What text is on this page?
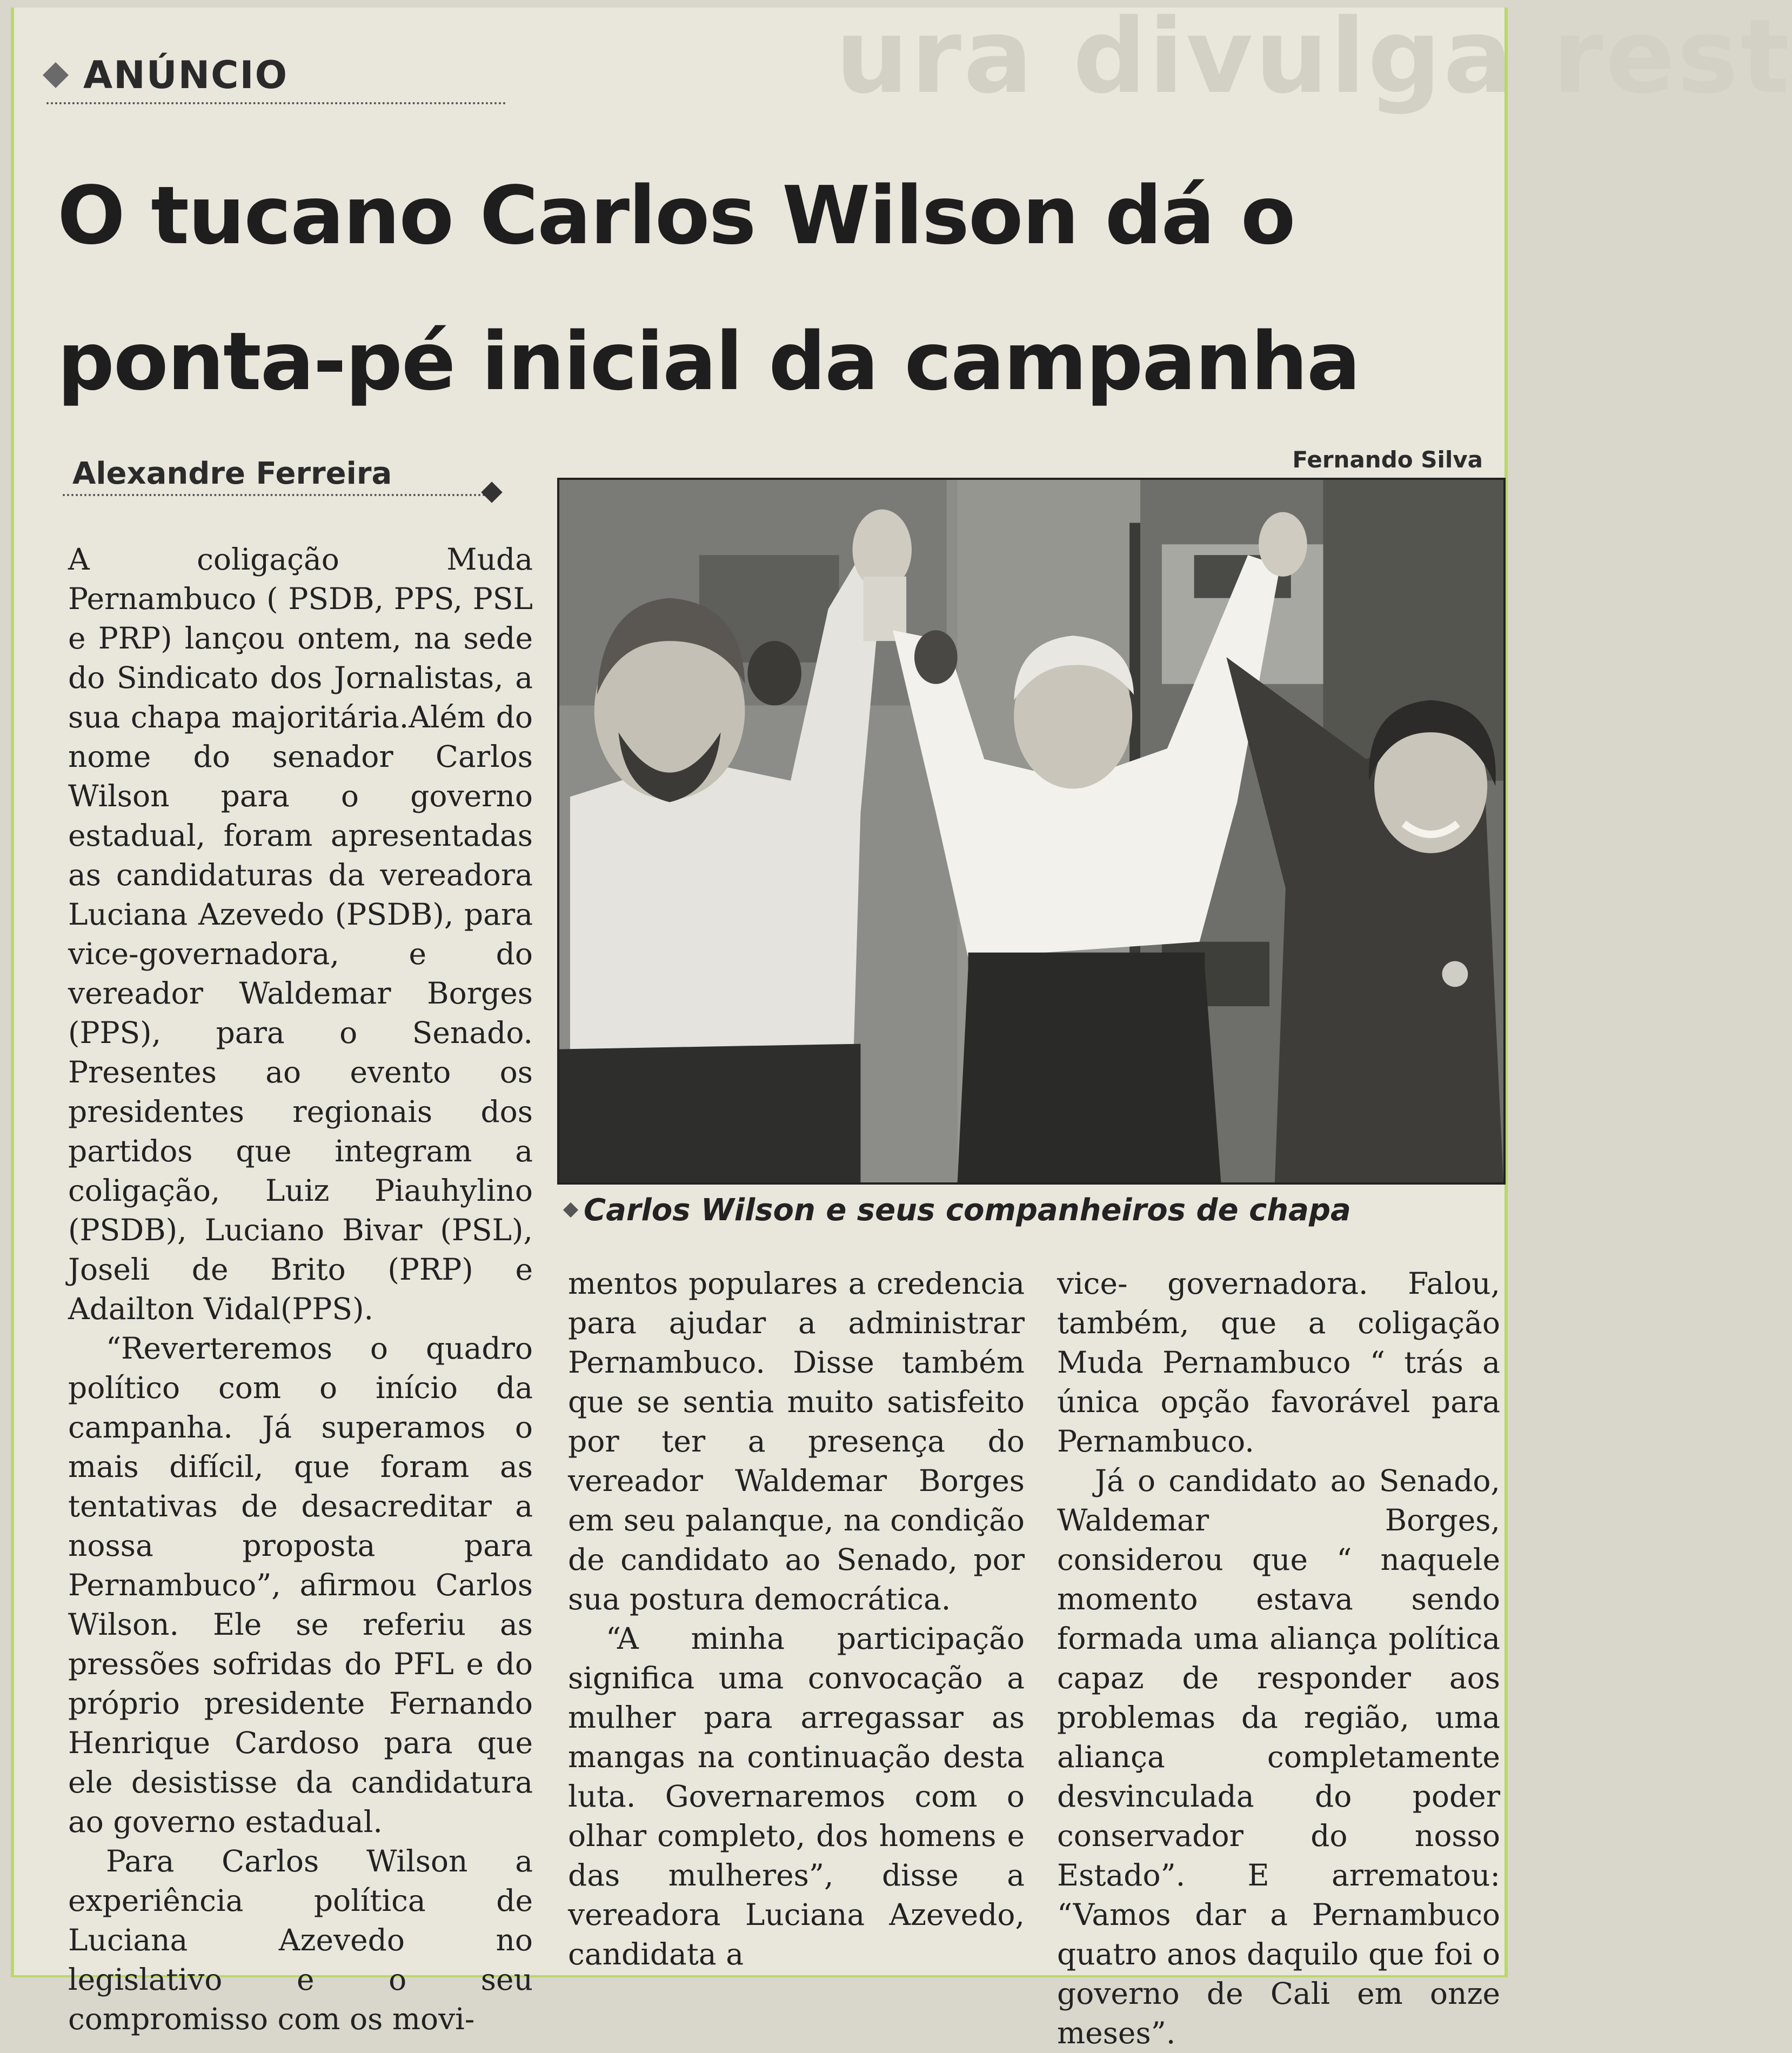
ura divulga rest
ANÚNCIO
O tucano Carlos Wilson dá o ponta-pé inicial da campanha
Alexandre Ferreira	Fernando Silva
Carlos Wilson e seus companheiros de chapa

A coligação Muda Pernambuco ( PSDB, PPS, PSL e PRP) lançou ontem, na sede do Sindicato dos Jornalistas, a sua chapa majoritária.Além do nome do senador Carlos Wilson para o governo estadual, foram apresentadas as candidaturas da vereadora Luciana Azevedo (PSDB), para vice-governadora, e do vereador Waldemar Borges (PPS), para o Senado. Presentes ao evento os presidentes regionais dos partidos que integram a coligação, Luiz Piauhylino (PSDB), Luciano Bivar (PSL), Joseli de Brito (PRP) e Adailton Vidal(PPS).

“Reverteremos o quadro político com o início da campanha. Já superamos o mais difícil, que foram as tentativas de desacreditar a nossa proposta para Pernambuco”, afirmou Carlos Wilson. Ele se referiu as pressões sofridas do PFL e do próprio presidente Fernando Henrique Cardoso para que ele desistisse da candidatura ao governo estadual.

Para Carlos Wilson a experiência política de Luciana Azevedo no legislativo e o seu compromisso com os movi-

mentos populares a credencia para ajudar a administrar Pernambuco. Disse também que se sentia muito satisfeito por ter a presença do vereador Waldemar Borges em seu palanque, na condição de candidato ao Senado, por sua postura democrática.

“A minha participação significa uma convocação a mulher para arregassar as mangas na continuação desta luta. Governaremos com o olhar completo, dos homens e das mulheres”, disse a vereadora Luciana Azevedo, candidata a

vice- governadora. Falou, também, que a coligação Muda Pernambuco “ trás a única opção favorável para Pernambuco.

Já o candidato ao Senado, Waldemar Borges, considerou que “ naquele momento estava sendo formada uma aliança política capaz de responder aos problemas da região, uma aliança completamente desvinculada do poder conservador do nosso Estado”. E arrematou: “Vamos dar a Pernambuco quatro anos daquilo que foi o governo de Cali em onze meses”.
